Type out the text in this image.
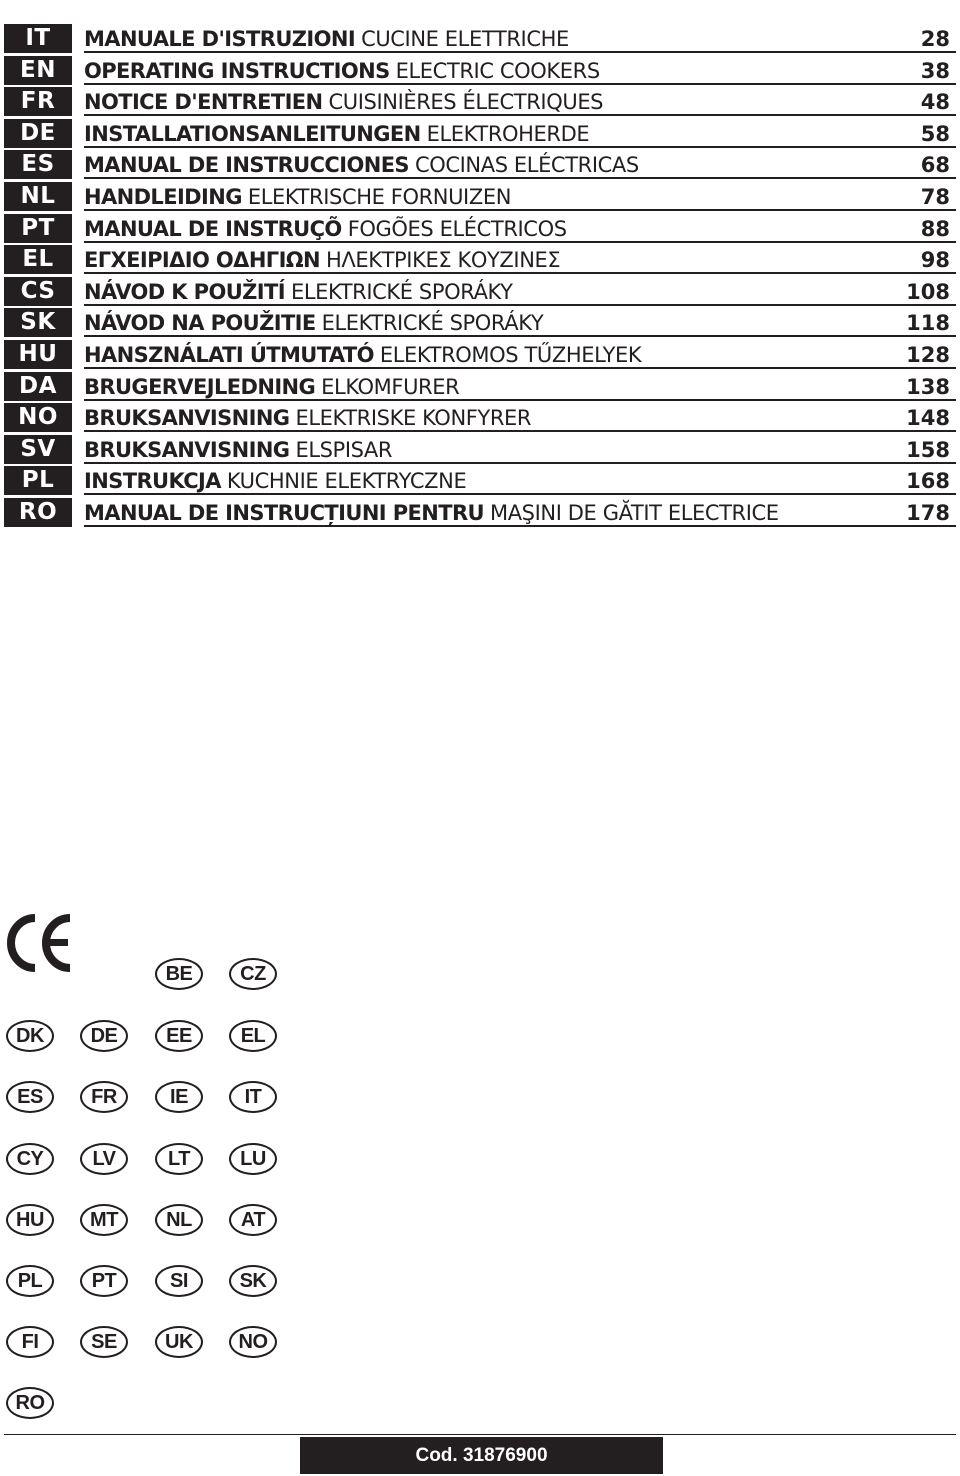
IT	MANUALE D'ISTRUZIONI CUCINE ELETTRICHE	28
EN	OPERATING INSTRUCTIONS ELECTRIC COOKERS	38
FR	NOTICE D'ENTRETIEN CUISINIÈRES ÉLECTRIQUES	48
DE	INSTALLATIONSANLEITUNGEN ELEKTROHERDE	58
ES	MANUAL DE INSTRUCCIONES COCINAS ELÉCTRICAS	68
NL	HANDLEIDING ELEKTRISCHE FORNUIZEN	78
PT	MANUAL DE INSTRUÇÕ FOGÕES ELÉCTRICOS	88
EL	ΕΓΧΕΙΡΙΔΙΟ ΟΔΗΓΙΩΝ ΗΛΕΚΤΡΙΚΕΣ ΚΟΥΖΙΝΕΣ	98
CS	NÁVOD K POUŽITÍ ELEKTRICKÉ SPORÁKY	108
SK	NÁVOD NA POUŽITIE ELEKTRICKÉ SPORÁKY	118
HU	HANSZNÁLATI ÚTMUTATÓ ELEKTROMOS TŰZHELYEK	128
DA	BRUGERVEJLEDNING ELKOMFURER	138
NO	BRUKSANVISNING ELEKTRISKE KONFYRER	148
SV	BRUKSANVISNING ELSPISAR	158
PL	INSTRUKCJA KUCHNIE ELEKTRYCZNE	168
RO	MANUAL DE INSTRUCȚIUNI PENTRU MAŞINI DE GĂTIT ELECTRICE	178
BE	CZ
DK	DE	EE	EL
ES	FR	IE	IT
CY	LV	LT	LU
HU	MT	NL	AT
PL	PT	SI	SK
FI	SE	UK	NO
RO
Cod. 31876900
